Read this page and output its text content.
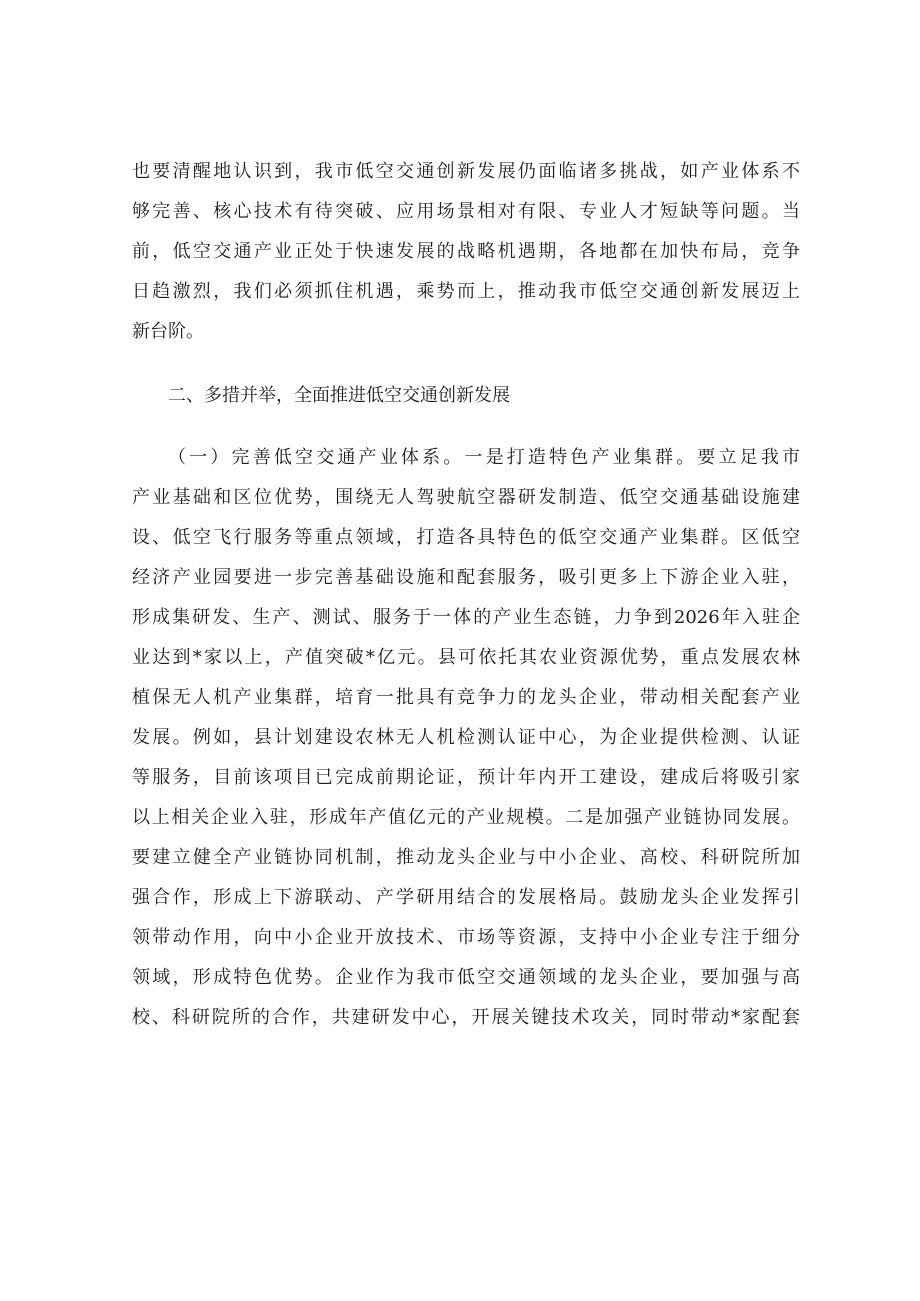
也要清醒地认识到，我市低空交通创新发展仍面临诸多挑战，如产业体系不
够完善、核心技术有待突破、应用场景相对有限、专业人才短缺等问题。当
前，低空交通产业正处于快速发展的战略机遇期，各地都在加快布局，竞争
日趋激烈，我们必须抓住机遇，乘势而上，推动我市低空交通创新发展迈上
新台阶。
二、多措并举，全面推进低空交通创新发展
（一）完善低空交通产业体系。一是打造特色产业集群。要立足我市
产业基础和区位优势，围绕无人驾驶航空器研发制造、低空交通基础设施建
设、低空飞行服务等重点领域，打造各具特色的低空交通产业集群。区低空
经济产业园要进一步完善基础设施和配套服务，吸引更多上下游企业入驻，
形成集研发、生产、测试、服务于一体的产业生态链，力争到2026年入驻企
业达到*家以上，产值突破*亿元。县可依托其农业资源优势，重点发展农林
植保无人机产业集群，培育一批具有竞争力的龙头企业，带动相关配套产业
发展。例如，县计划建设农林无人机检测认证中心，为企业提供检测、认证
等服务，目前该项目已完成前期论证，预计年内开工建设，建成后将吸引家
以上相关企业入驻，形成年产值亿元的产业规模。二是加强产业链协同发展。
要建立健全产业链协同机制，推动龙头企业与中小企业、高校、科研院所加
强合作，形成上下游联动、产学研用结合的发展格局。鼓励龙头企业发挥引
领带动作用，向中小企业开放技术、市场等资源，支持中小企业专注于细分
领域，形成特色优势。企业作为我市低空交通领域的龙头企业，要加强与高
校、科研院所的合作，共建研发中心，开展关键技术攻关，同时带动*家配套
